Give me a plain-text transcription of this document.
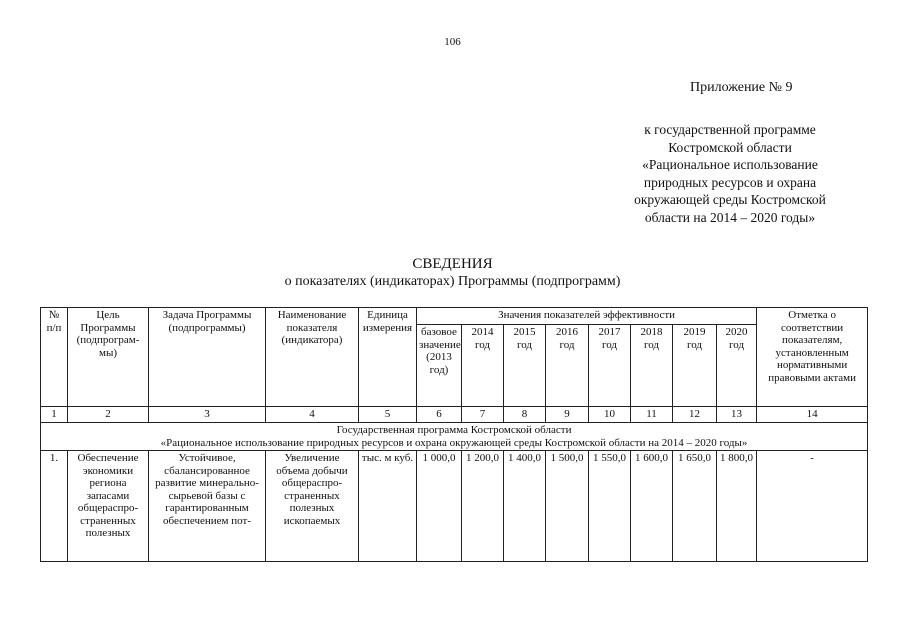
106
Приложение № 9
к государственной программе
Костромской области
«Рациональное использование
природных ресурсов и охрана
окружающей среды Костромской
области на 2014 – 2020 годы»
СВЕДЕНИЯ
о показателях (индикаторах) Программы (подпрограмм)
№ п/п	Цель Программы (подпрограм- мы)	Задача Программы (подпрограммы)	Наименование показателя (индикатора)	Единица измерения	Значения показателей эффективности								Отметка о соответствии показателям, установленным нормативными правовыми актами
					базовое значение (2013 год)	2014 год	2015 год	2016 год	2017 год	2018 год	2019 год	2020 год	
1	2	3	4	5	6	7	8	9	10	11	12	13	14

Государственная программа Костромской области
«Рациональное использование природных ресурсов и охрана окружающей среды Костромской области на 2014 – 2020 годы»													

1.	Обеспечение экономики региона запасами общераспро- страненных полезных	Устойчивое, сбалансированное развитие минерально- сырьевой базы с гарантированным обеспечением пот-	Увеличение объема добычи общераспро- страненных полезных ископаемых	тыс. м куб.	1 000,0	1 200,0	1 400,0	1 500,0	1 550,0	1 600,0	1 650,0	1 800,0	-
